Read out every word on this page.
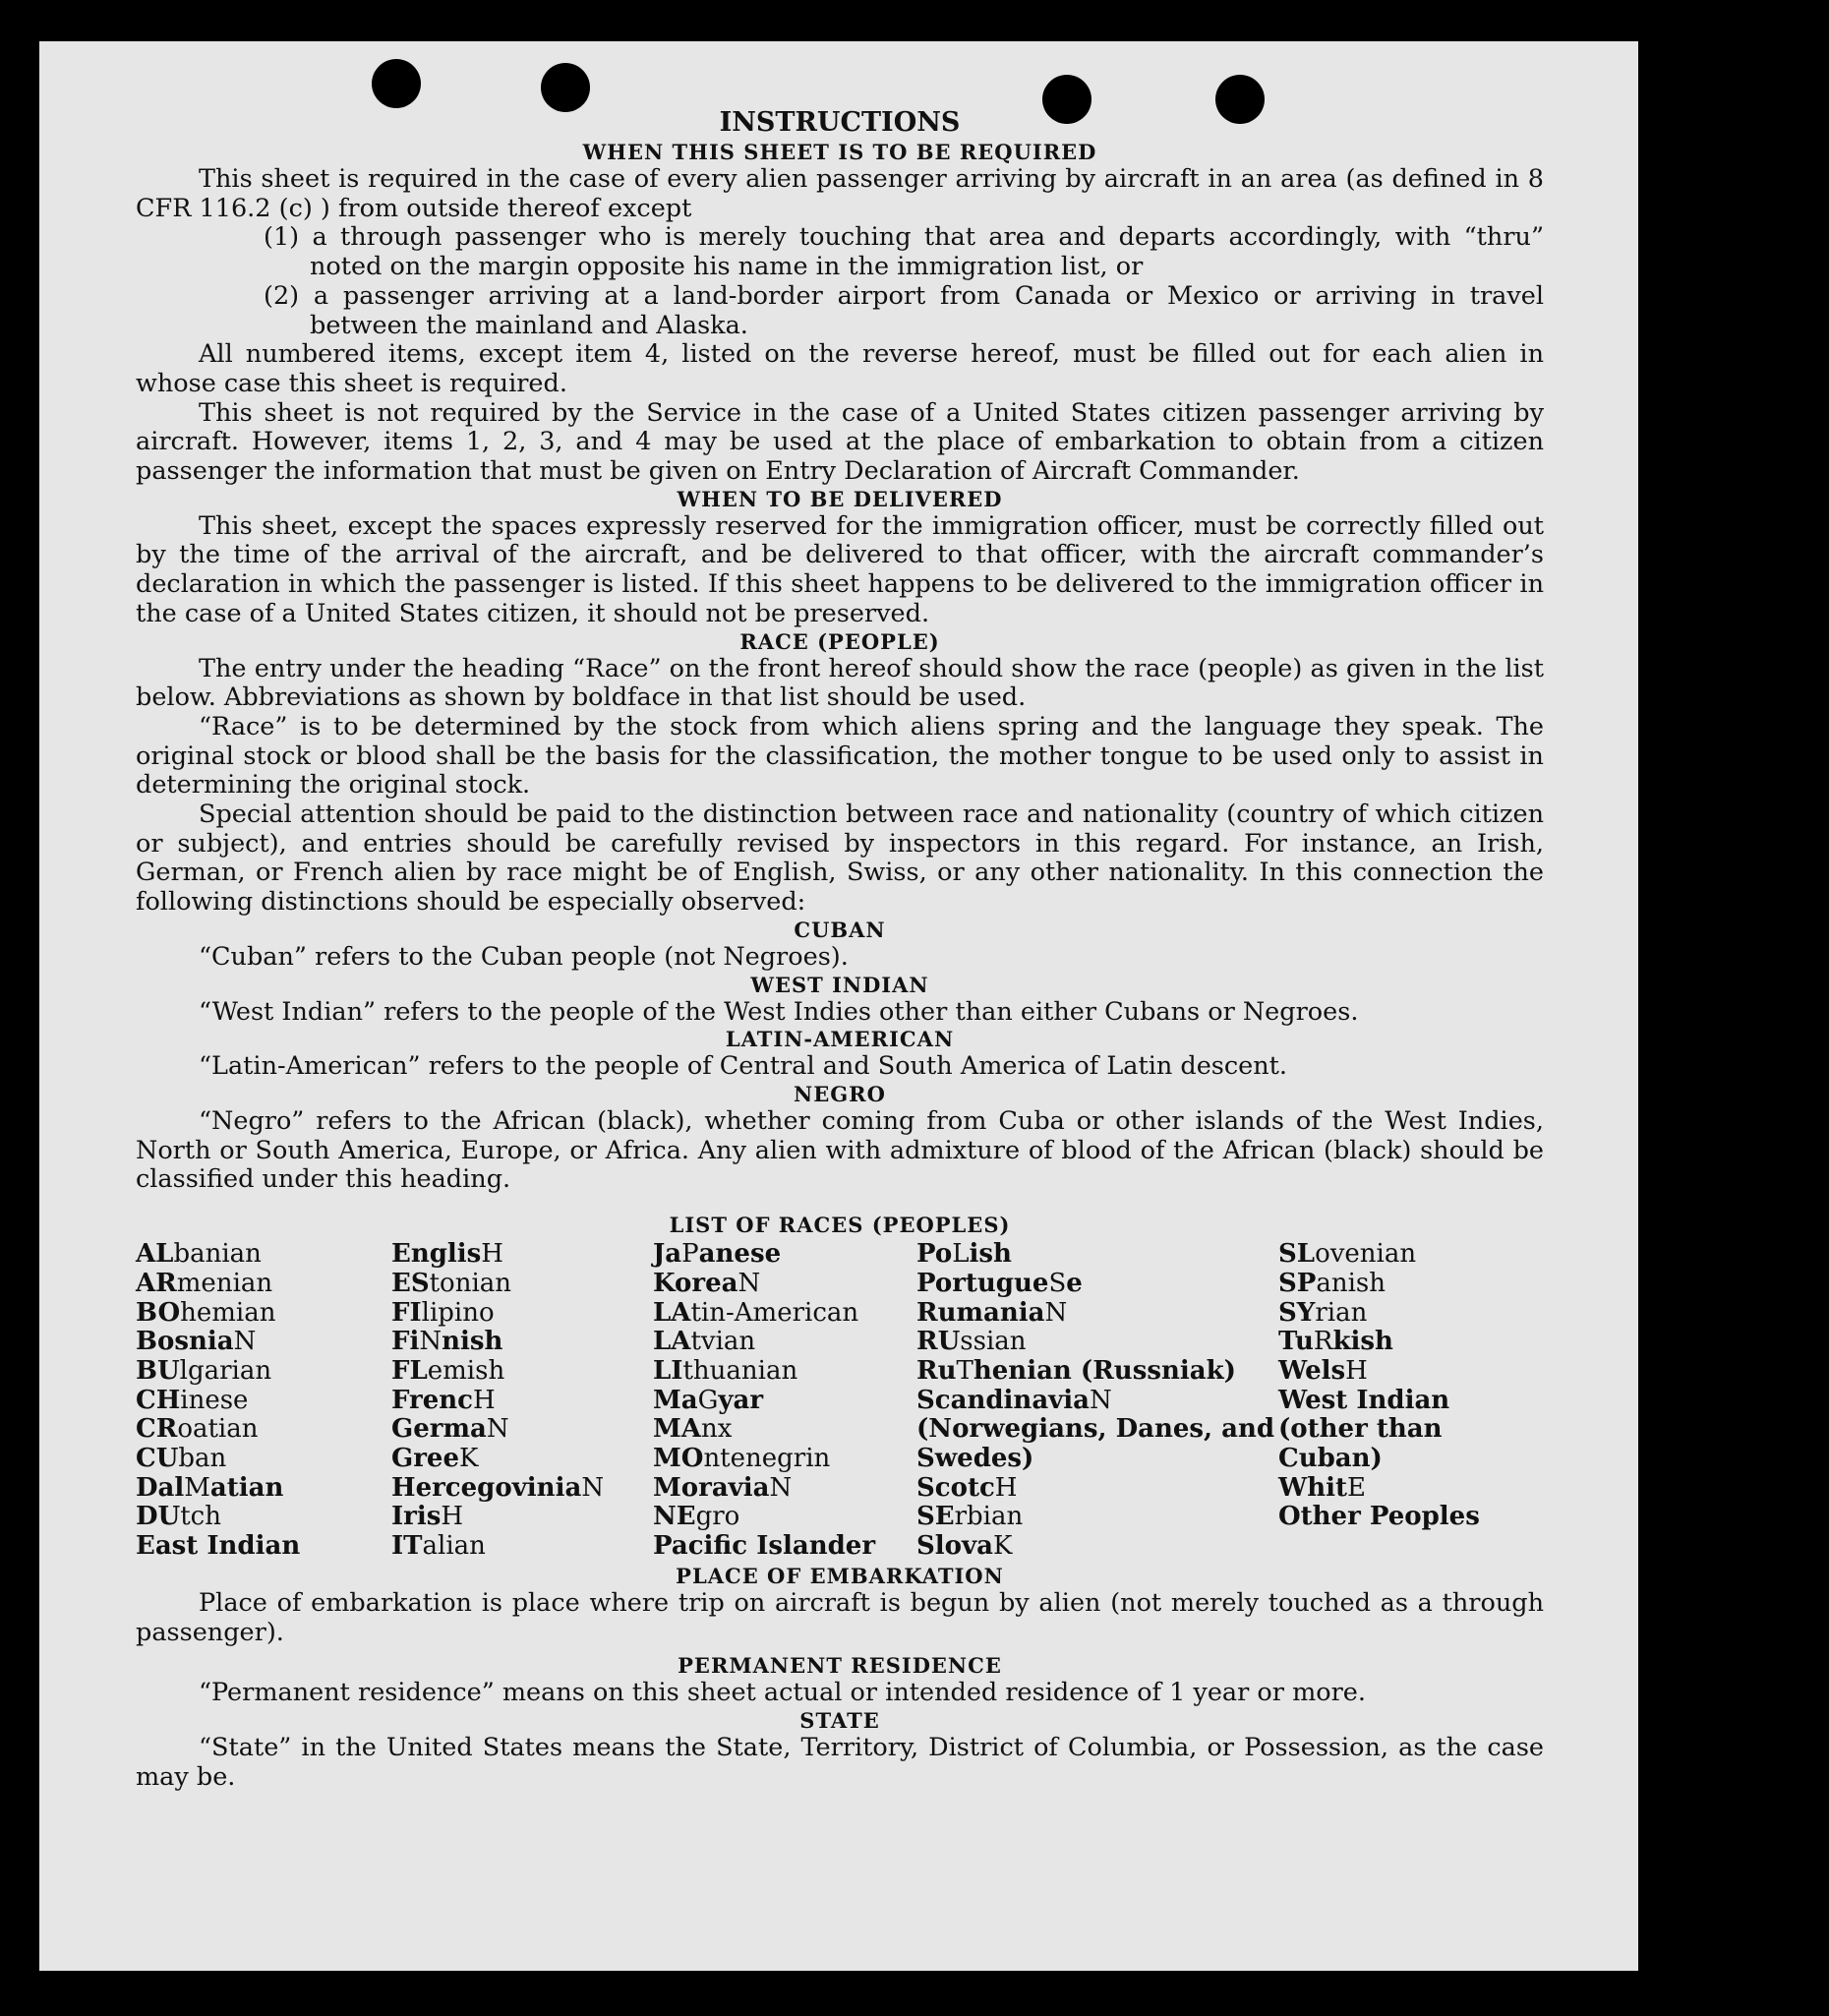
INSTRUCTIONS
WHEN THIS SHEET IS TO BE REQUIRED

This sheet is required in the case of every alien passenger arriving by aircraft in an area (as defined in 8 CFR 116.2 (c) ) from outside thereof except

(1) a through passenger who is merely touching that area and departs accordingly, with “thru” noted on the margin opposite his name in the immigration list, or

(2) a passenger arriving at a land-border airport from Canada or Mexico or arriving in travel between the mainland and Alaska.

All numbered items, except item 4, listed on the reverse hereof, must be filled out for each alien in whose case this sheet is required.

This sheet is not required by the Service in the case of a United States citizen passenger arriving by aircraft. However, items 1, 2, 3, and 4 may be used at the place of embarkation to obtain from a citizen passenger the information that must be given on Entry Declaration of Aircraft Commander.

WHEN TO BE DELIVERED

This sheet, except the spaces expressly reserved for the immigration officer, must be correctly filled out by the time of the arrival of the aircraft, and be delivered to that officer, with the aircraft commander’s declaration in which the passenger is listed. If this sheet happens to be delivered to the immigration officer in the case of a United States citizen, it should not be preserved.

RACE (PEOPLE)

The entry under the heading “Race” on the front hereof should show the race (people) as given in the list below. Abbreviations as shown by boldface in that list should be used.

“Race” is to be determined by the stock from which aliens spring and the language they speak. The original stock or blood shall be the basis for the classification, the mother tongue to be used only to assist in determining the original stock.

Special attention should be paid to the distinction between race and nationality (country of which citizen or subject), and entries should be carefully revised by inspectors in this regard. For instance, an Irish, German, or French alien by race might be of English, Swiss, or any other nationality. In this connection the following distinctions should be especially observed:

CUBAN

“Cuban” refers to the Cuban people (not Negroes).

WEST INDIAN

“West Indian” refers to the people of the West Indies other than either Cubans or Negroes.

LATIN-AMERICAN

“Latin-American” refers to the people of Central and South America of Latin descent.

NEGRO

“Negro” refers to the African (black), whether coming from Cuba or other islands of the West Indies, North or South America, Europe, or Africa. Any alien with admixture of blood of the African (black) should be classified under this heading.

LIST OF RACES (PEOPLES)
ALbanian
ARmenian
BOhemian
BosniaN
BUlgarian
CHinese
CRoatian
CUban
DalMatian
DUtch
East Indian
EnglisH
EStonian
FIlipino
FiNnish
FLemish
FrencH
GermaN
GreeK
HercegoviniaN
IrisH
ITalian
JaPanese
KoreaN
LAtin-American
LAtvian
LIthuanian
MaGyar
MAnx
MOntenegrin
MoraviaN
NEgro
Pacific Islander
PoLish
PortugueSe
RumaniaN
RUssian
RuThenian (Russniak)
ScandinaviaN (Norwegians, Danes, and Swedes)
ScotcH
SErbian
SlovaK
SLovenian
SPanish
SYrian
TuRkish
WelsH
West Indian (other than Cuban)
WhitE
Other Peoples
PLACE OF EMBARKATION

Place of embarkation is place where trip on aircraft is begun by alien (not merely touched as a through passenger).

PERMANENT RESIDENCE

“Permanent residence” means on this sheet actual or intended residence of 1 year or more.

STATE

“State” in the United States means the State, Territory, District of Columbia, or Possession, as the case may be.
